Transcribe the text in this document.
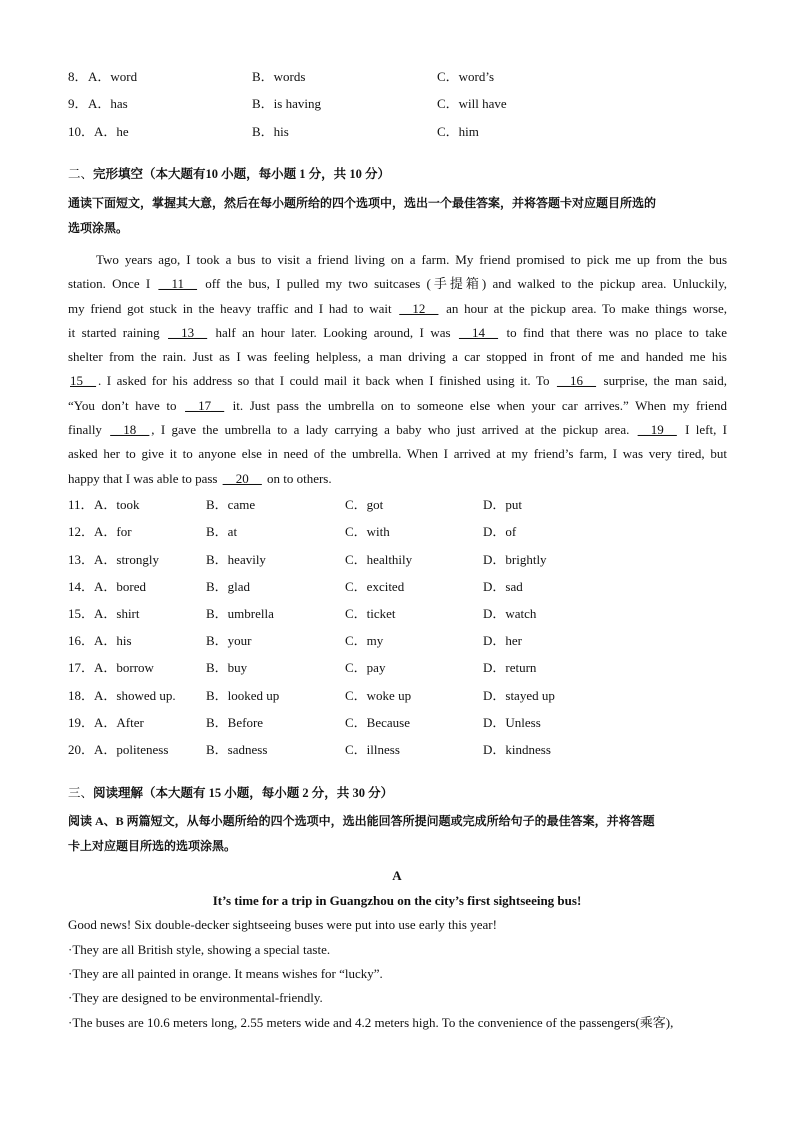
8． A．word	B．words	C．word’s
9． A．has	B．is having	C．will have
10． A．he	B．his	C．him
二、完形填空（本大题有10 小题，每小题 1 分，共 10 分）
通读下面短文，掌握其大意，然后在每小题所给的四个选项中，选出一个最佳答案，并将答题卡对应题目所选的
选项涂黑。
Two years ago, I took a bus to visit a friend living on a farm. My friend promised to pick me up from the bus
station. Once I __11__ off the bus, I pulled my two suitcases (手提箱) and walked to the pickup area. Unluckily,
my friend got stuck in the heavy traffic and I had to wait __12__ an hour at the pickup area. To make things worse,
it started raining __13__ half an hour later. Looking around, I was __14__ to find that there was no place to take
shelter from the rain. Just as I was feeling helpless, a man driving a car stopped in front of me and handed me his
15__ . I asked for his address so that I could mail it back when I finished using it. To __16__ surprise, the man said,
“You don’t have to __17__ it. Just pass the umbrella on to someone else when your car arrives.” When my friend
finally __18__ , I gave the umbrella to a lady carrying a baby who just arrived at the pickup area. __19__ I left, I
asked her to give it to anyone else in need of the umbrella. When I arrived at my friend’s farm, I was very tired, but
happy that I was able to pass __20__ on to others.
11． A．took	B．came	C．got	D．put
12． A．for	B．at	C．with	D．of
13． A．strongly	B．heavily	C．healthily	D．brightly
14． A．bored	B．glad	C．excited	D．sad
15． A．shirt	B．umbrella	C．ticket	D．watch
16． A．his	B．your	C．my	D．her
17． A．borrow	B．buy	C．pay	D．return
18． A．showed up. B．looked up	C．woke up	D．stayed up
19． A．After	B．Before	C．Because	D．Unless
20． A．politeness	B．sadness	C．illness	D．kindness
三、阅读理解（本大题有 15 小题，每小题 2 分，共 30 分）
阅读 A、B 两篇短文，从每小题所给的四个选项中，选出能回答所提问题或完成所给句子的最佳答案，并将答题
卡上对应题目所选的选项涂黑。
A
It’s time for a trip in Guangzhou on the city’s first sightseeing bus!
Good news! Six double-decker sightseeing buses were put into use early this year!
·They are all British style, showing a special taste.
·They are all painted in orange. It means wishes for “lucky”.
·They are designed to be environmental-friendly.
·The buses are 10.6 meters long, 2.55 meters wide and 4.2 meters high. To the convenience of the passengers(乘客),
